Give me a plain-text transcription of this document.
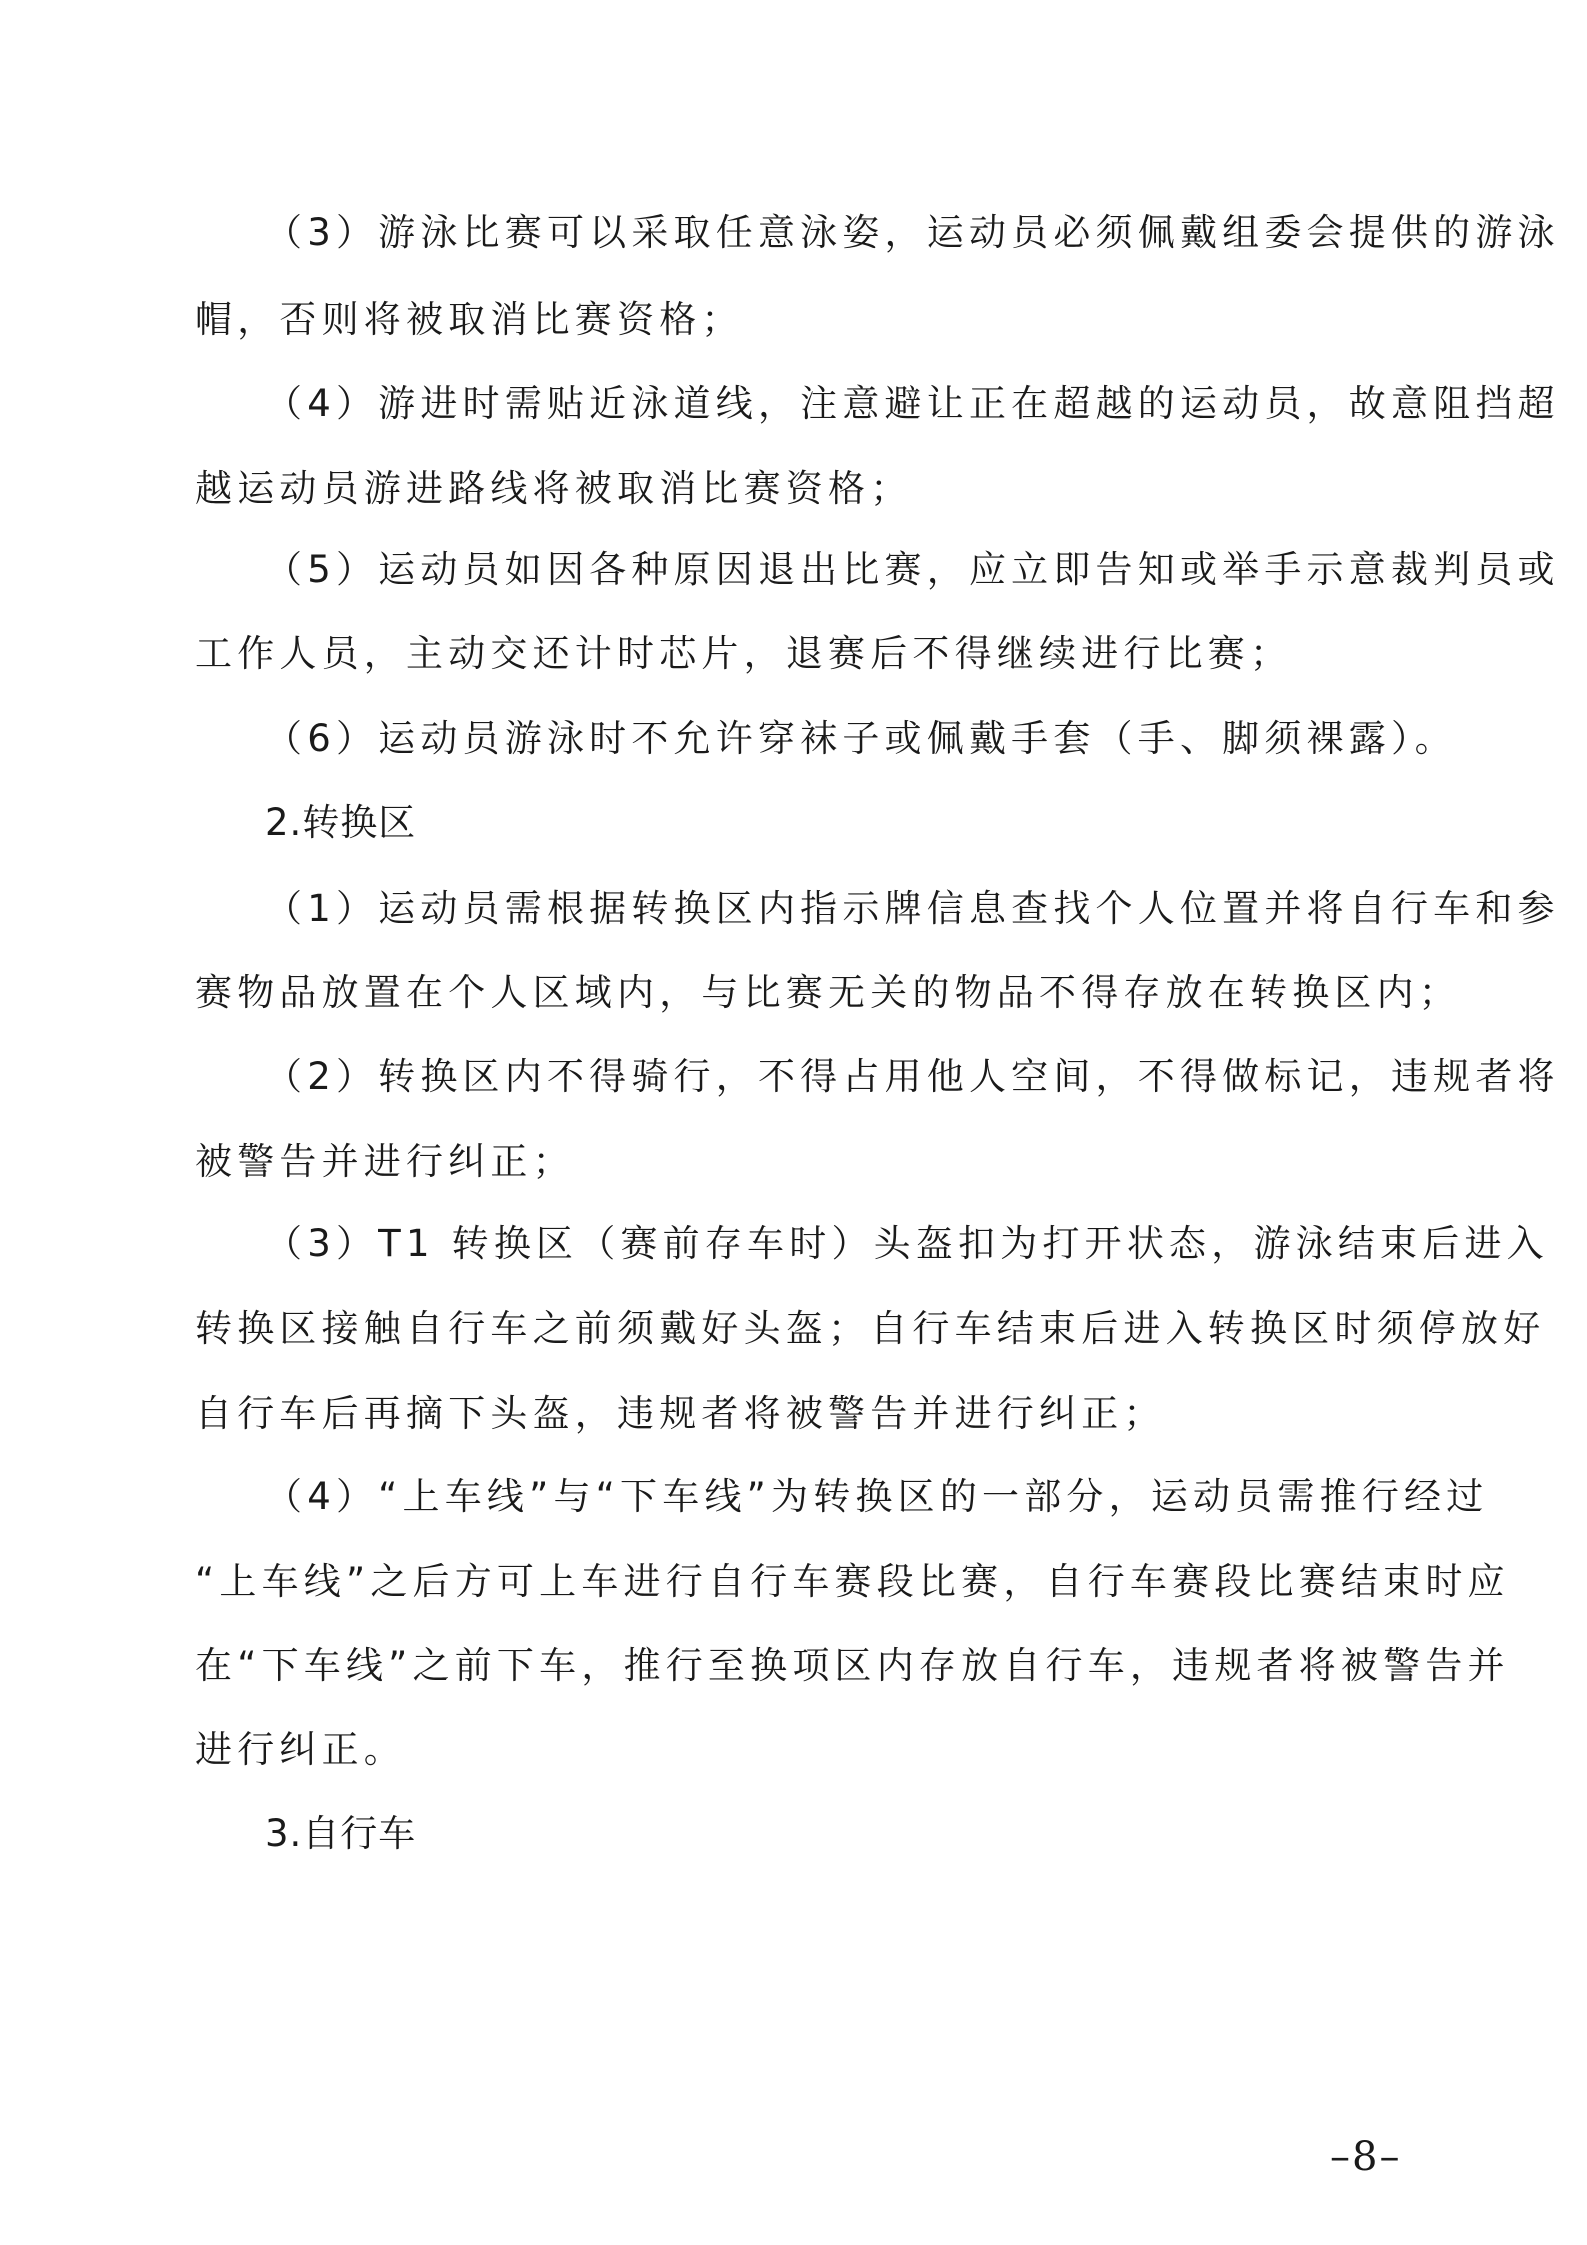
（3）游泳比赛可以采取任意泳姿，运动员必须佩戴组委会提供的游泳
帽，否则将被取消比赛资格；
（4）游进时需贴近泳道线，注意避让正在超越的运动员，故意阻挡超
越运动员游进路线将被取消比赛资格；
（5）运动员如因各种原因退出比赛，应立即告知或举手示意裁判员或
工作人员，主动交还计时芯片，退赛后不得继续进行比赛；
（6）运动员游泳时不允许穿袜子或佩戴手套（手、脚须裸露）。
2.转换区
（1）运动员需根据转换区内指示牌信息查找个人位置并将自行车和参
赛物品放置在个人区域内，与比赛无关的物品不得存放在转换区内；
（2）转换区内不得骑行，不得占用他人空间，不得做标记，违规者将
被警告并进行纠正；
（3）T1 转换区（赛前存车时）头盔扣为打开状态，游泳结束后进入
转换区接触自行车之前须戴好头盔；自行车结束后进入转换区时须停放好
自行车后再摘下头盔，违规者将被警告并进行纠正；
（4）“上车线”与“下车线”为转换区的一部分，运动员需推行经过
“上车线”之后方可上车进行自行车赛段比赛，自行车赛段比赛结束时应
在“下车线”之前下车，推行至换项区内存放自行车，违规者将被警告并
进行纠正。
3.自行车
–8–
